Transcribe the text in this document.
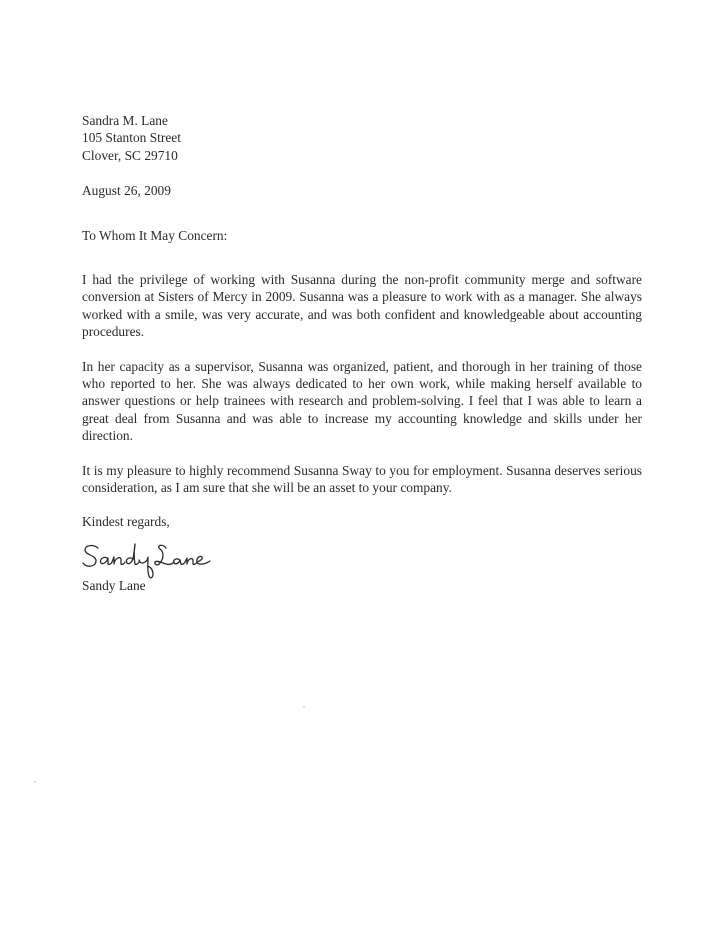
Sandra M. Lane
105 Stanton Street
Clover, SC 29710
August 26, 2009
To Whom It May Concern:

I had the privilege of working with Susanna during the non-profit community merge and software conversion at Sisters of Mercy in 2009. Susanna was a pleasure to work with as a manager. She always worked with a smile, was very accurate, and was both confident and knowledgeable about accounting procedures.

In her capacity as a supervisor, Susanna was organized, patient, and thorough in her training of those who reported to her. She was always dedicated to her own work, while making herself available to answer questions or help trainees with research and problem-solving. I feel that I was able to learn a great deal from Susanna and was able to increase my accounting knowledge and skills under her direction.

It is my pleasure to highly recommend Susanna Sway to you for employment. Susanna deserves serious consideration, as I am sure that she will be an asset to your company.

Kindest regards,
Sandy Lane
